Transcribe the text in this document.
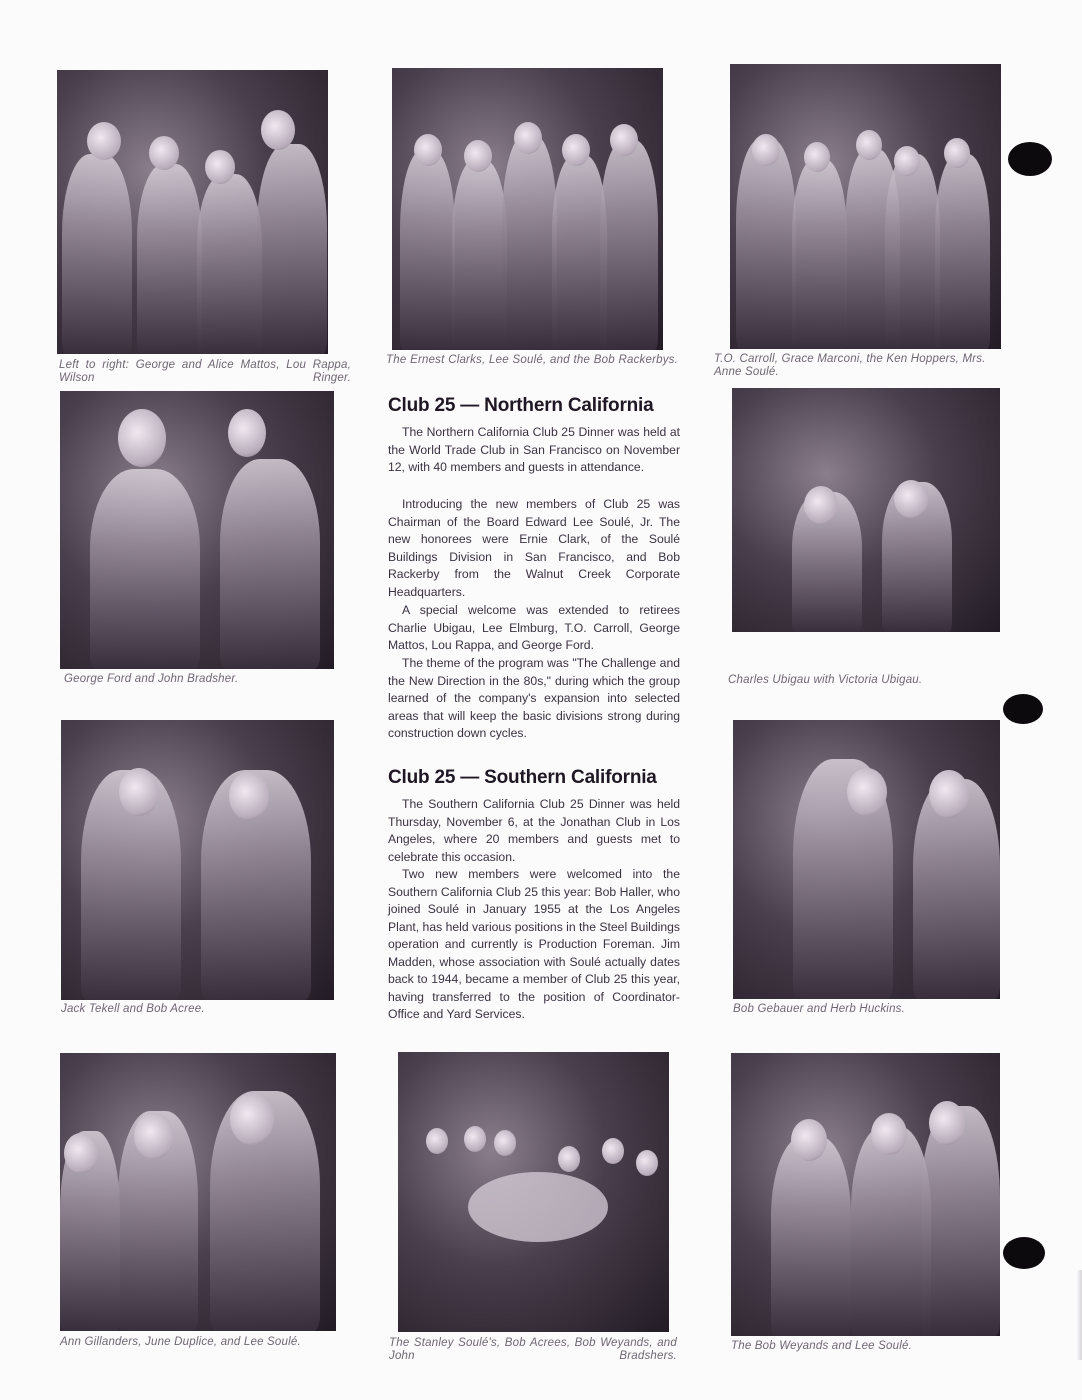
Left to right: George and Alice Mattos, Lou Rappa, Wilson Ringer.
The Ernest Clarks, Lee Soulé, and the Bob Rackerbys.	T.O. Carroll, Grace Marconi, the Ken Hoppers, Mrs. Anne Soulé.
George Ford and John Bradsher.	Charles Ubigau with Victoria Ubigau.
Jack Tekell and Bob Acree.	Bob Gebauer and Herb Huckins.
Ann Gillanders, June Duplice, and Lee Soulé.	The Stanley Soulé's, Bob Acrees, Bob Weyands, and John Bradshers.
The Bob Weyands and Lee Soulé.
Club 25 — Northern California
The Northern California Club 25 Dinner was held at the World Trade Club in San Francisco on November 12, with 40 members and guests in attendance.
Introducing the new members of Club 25 was Chairman of the Board Edward Lee Soulé, Jr. The new honorees were Ernie Clark, of the Soulé Buildings Division in San Francisco, and Bob Rackerby from the Walnut Creek Corporate Headquarters.
A special welcome was extended to retirees Charlie Ubigau, Lee Elmburg, T.O. Carroll, George Mattos, Lou Rappa, and George Ford.
The theme of the program was "The Challenge and the New Direction in the 80s," during which the group learned of the company's expansion into selected areas that will keep the basic divisions strong during construction down cycles.
Club 25 — Southern California
The Southern California Club 25 Dinner was held Thursday, November 6, at the Jonathan Club in Los Angeles, where 20 members and guests met to celebrate this occasion.
Two new members were welcomed into the Southern California Club 25 this year: Bob Haller, who joined Soulé in January 1955 at the Los Angeles Plant, has held various positions in the Steel Buildings operation and currently is Production Foreman. Jim Madden, whose association with Soulé actually dates back to 1944, became a member of Club 25 this year, having transferred to the position of Coordinator-Office and Yard Services.
